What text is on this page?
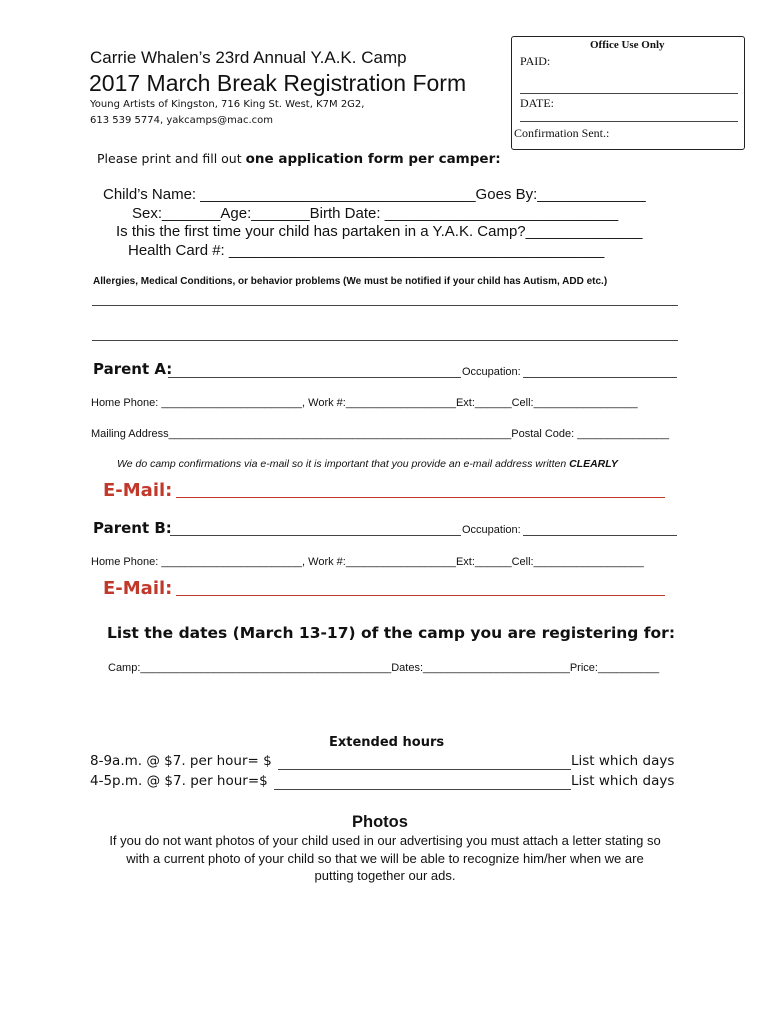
Carrie Whalen’s 23rd Annual Y.A.K. Camp
2017 March Break Registration Form
Young Artists of Kingston, 716 King St. West, K7M 2G2,
613 539 5774, yakcamps@mac.com
Office Use Only
PAID:
DATE:
Confirmation Sent.:
Please print and fill out one application form per camper:
Child’s Name: _________________________________Goes By:_____________
Sex:_______Age:_______Birth Date: ____________________________
Is this the first time your child has partaken in a Y.A.K. Camp?______________
Health Card #: _____________________________________________
Allergies, Medical Conditions, or behavior problems (We must be notified if your child has Autism, ADD etc.)
Parent A:	Occupation:
Home Phone: _______________________, Work #:__________________Ext:______Cell:_________________
Mailing Address________________________________________________________Postal Code: _______________
We do camp confirmations via e-mail so it is important that you provide an e-mail address written CLEARLY
E-Mail:
Parent B:	Occupation:
Home Phone: _______________________, Work #:__________________Ext:______Cell:__________________
E-Mail:
List the dates (March 13-17) of the camp you are registering for:
Camp:_________________________________________Dates:________________________Price:__________
Extended hours
8-9a.m. @ $7. per hour= $	List which days
4-5p.m. @ $7. per hour=$	List which days
Photos
If you do not want photos of your child used in our advertising you must attach a letter stating so
with a current photo of your child so that we will be able to recognize him/her when we are
putting together our ads.
